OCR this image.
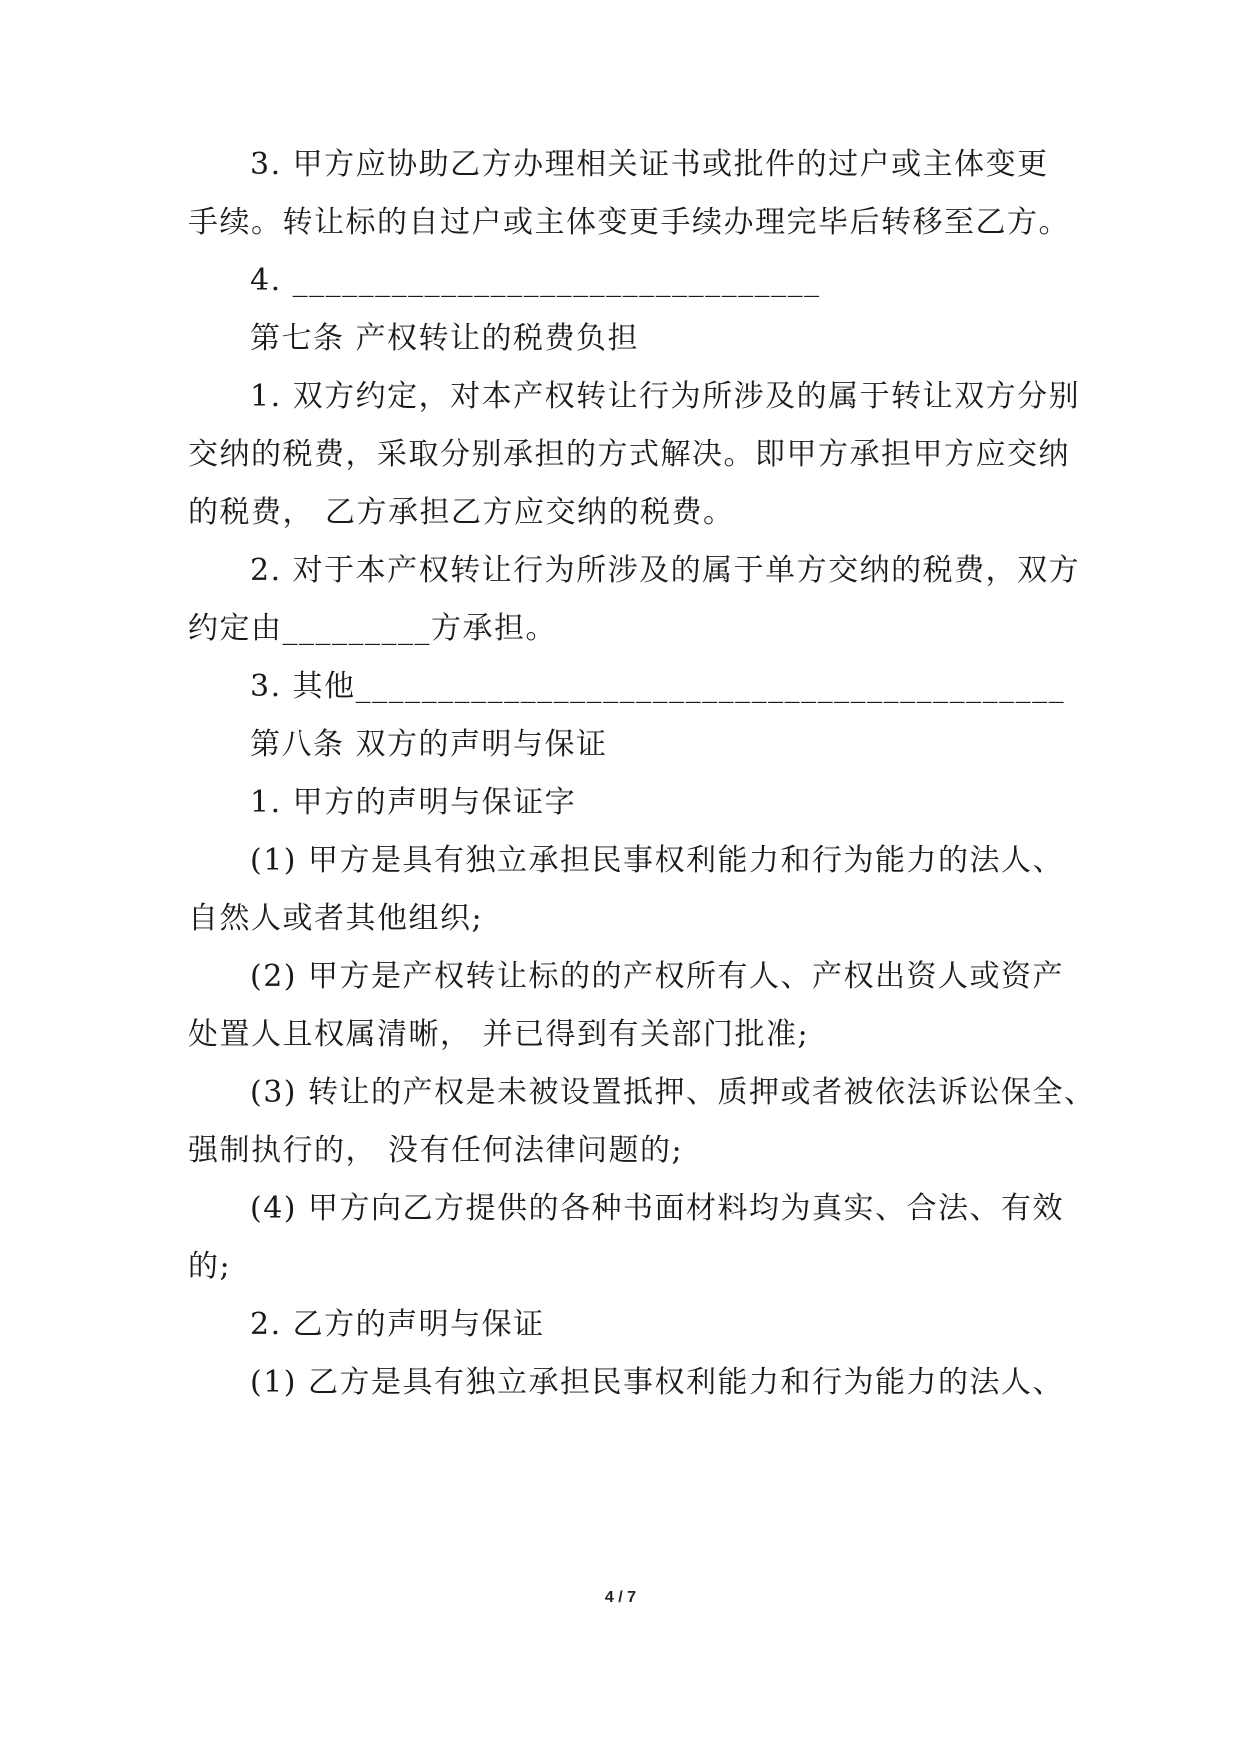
3. 甲方应协助乙方办理相关证书或批件的过户或主体变更
手续。转让标的自过户或主体变更手续办理完毕后转移至乙方。
4. ________________________________
第七条 产权转让的税费负担
1. 双方约定，对本产权转让行为所涉及的属于转让双方分别
交纳的税费，采取分别承担的方式解决。即甲方承担甲方应交纳
的税费， 乙方承担乙方应交纳的税费。
2. 对于本产权转让行为所涉及的属于单方交纳的税费，双方
约定由_________方承担。
3. 其他___________________________________________
第八条 双方的声明与保证
1. 甲方的声明与保证字
(1) 甲方是具有独立承担民事权利能力和行为能力的法人、
自然人或者其他组织;
(2) 甲方是产权转让标的的产权所有人、产权出资人或资产
处置人且权属清晰， 并已得到有关部门批准;
(3) 转让的产权是未被设置抵押、质押或者被依法诉讼保全、
强制执行的， 没有任何法律问题的;
(4) 甲方向乙方提供的各种书面材料均为真实、合法、有效
的;
2. 乙方的声明与保证
(1) 乙方是具有独立承担民事权利能力和行为能力的法人、
4 / 7
